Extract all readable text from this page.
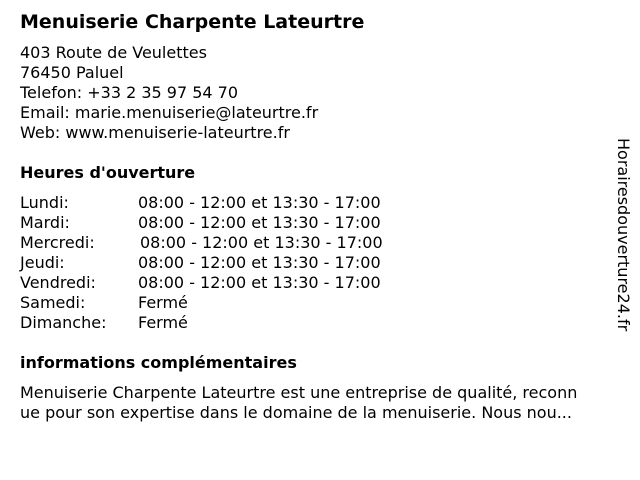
Menuiserie Charpente Lateurtre
403 Route de Veulettes
76450 Paluel
Telefon: +33 2 35 97 54 70
Email: marie.menuiserie@lateurtre.fr
Web: www.menuiserie-lateurtre.fr
Heures d'ouverture
Lundi:	08:00 - 12:00 et 13:30 - 17:00
Mardi:	08:00 - 12:00 et 13:30 - 17:00
Mercredi:	08:00 - 12:00 et 13:30 - 17:00
Jeudi:	08:00 - 12:00 et 13:30 - 17:00
Vendredi:	08:00 - 12:00 et 13:30 - 17:00
Samedi:	Fermé
Dimanche: Fermé
informations complémentaires
Menuiserie Charpente Lateurtre est une entreprise de qualité, reconn
ue pour son expertise dans le domaine de la menuiserie. Nous nou...
Horairesdouverture24.fr
